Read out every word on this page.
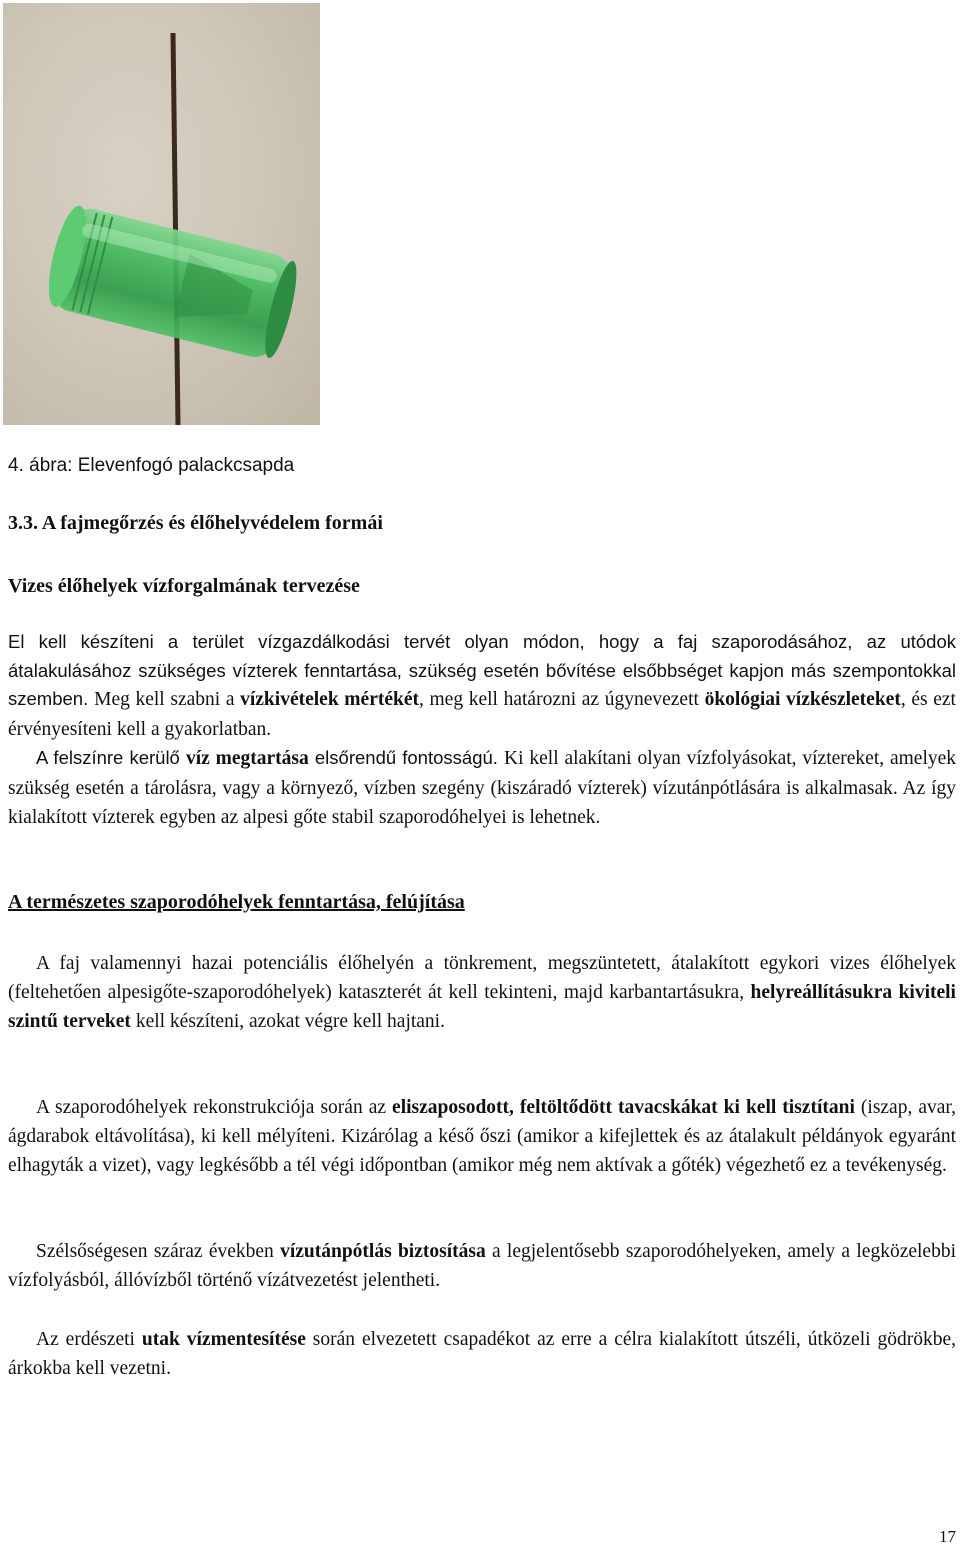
4. ábra: Elevenfogó palackcsapda
3.3. A fajmegőrzés és élőhelyvédelem formái
Vizes élőhelyek vízforgalmának tervezése
El kell készíteni a terület vízgazdálkodási tervét olyan módon, hogy a faj szaporodásához, az utódok átalakulásához szükséges vízterek fenntartása, szükség esetén bővítése elsőbbséget kapjon más szempontokkal szemben. Meg kell szabni a vízkivételek mértékét, meg kell határozni az úgynevezett ökológiai vízkészleteket, és ezt érvényesíteni kell a gyakorlatban.
A felszínre kerülő víz megtartása elsőrendű fontosságú. Ki kell alakítani olyan vízfolyásokat, víztereket, amelyek szükség esetén a tárolásra, vagy a környező, vízben szegény (kiszáradó vízterek) vízutánpótlására is alkalmasak. Az így kialakított vízterek egyben az alpesi gőte stabil szaporodóhelyei is lehetnek.
A természetes szaporodóhelyek fenntartása, felújítása
A faj valamennyi hazai potenciális élőhelyén a tönkrement, megszüntetett, átalakított egykori vizes élőhelyek (feltehetően alpesigőte-szaporodóhelyek) kataszterét át kell tekinteni, majd karbantartásukra, helyreállításukra kiviteli szintű terveket kell készíteni, azokat végre kell hajtani.
A szaporodóhelyek rekonstrukciója során az eliszaposodott, feltöltődött tavacskákat ki kell tisztítani (iszap, avar, ágdarabok eltávolítása), ki kell mélyíteni. Kizárólag a késő őszi (amikor a kifejlettek és az átalakult példányok egyaránt elhagyták a vizet), vagy legkésőbb a tél végi időpontban (amikor még nem aktívak a gőték) végezhető ez a tevékenység.
Szélsőségesen száraz években vízutánpótlás biztosítása a legjelentősebb szaporodóhelyeken, amely a legközelebbi vízfolyásból, állóvízből történő vízátvezetést jelentheti.
Az erdészeti utak vízmentesítése során elvezetett csapadékot az erre a célra kialakított útszéli, útközeli gödrökbe, árkokba kell vezetni.
17
